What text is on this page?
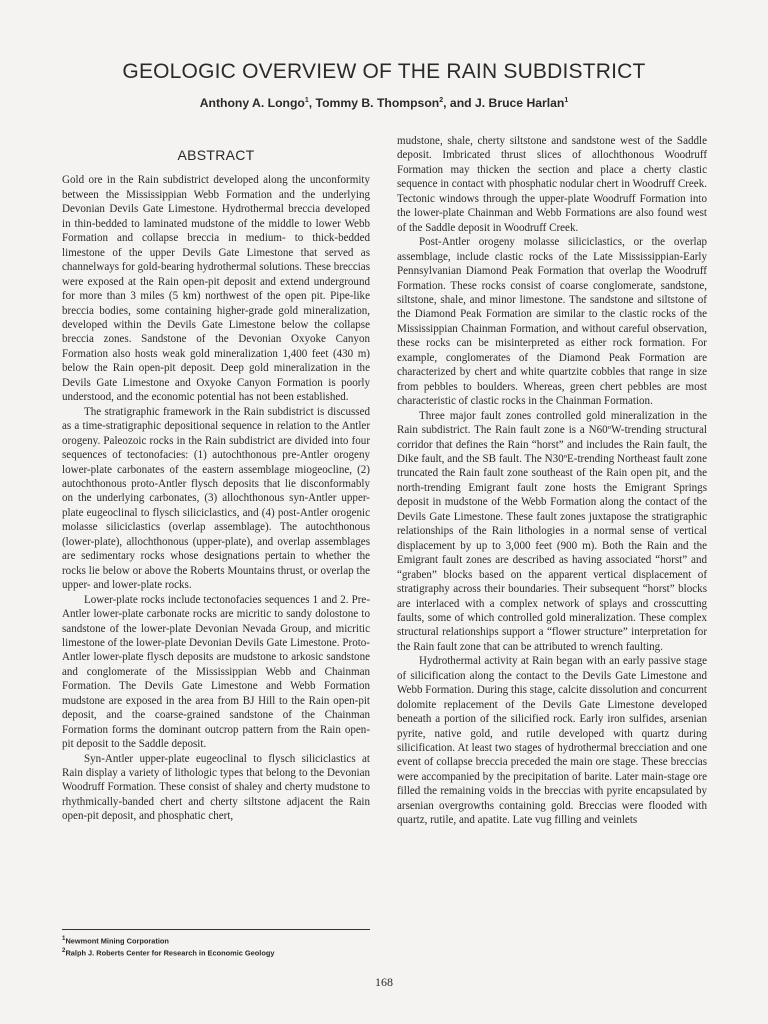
GEOLOGIC OVERVIEW OF THE RAIN SUBDISTRICT
Anthony A. Longo$^1$, Tommy B. Thompson$^2$, and J. Bruce Harlan$^1$
ABSTRACT

Gold ore in the Rain subdistrict developed along the unconformity between the Mississippian Webb Formation and the underlying Devonian Devils Gate Limestone. Hydrothermal breccia developed in thin-bedded to laminated mudstone of the middle to lower Webb Formation and collapse breccia in medium- to thick-bedded limestone of the upper Devils Gate Limestone that served as channelways for gold-bearing hydrothermal solutions. These breccias were exposed at the Rain open-pit deposit and extend underground for more than 3 miles (5 km) northwest of the open pit. Pipe-like breccia bodies, some containing higher-grade gold mineralization, developed within the Devils Gate Limestone below the collapse breccia zones. Sandstone of the Devonian Oxyoke Canyon Formation also hosts weak gold mineralization 1,400 feet (430 m) below the Rain open-pit deposit. Deep gold mineralization in the Devils Gate Limestone and Oxyoke Canyon Formation is poorly understood, and the economic potential has not been established.

The stratigraphic framework in the Rain subdistrict is discussed as a time-stratigraphic depositional sequence in relation to the Antler orogeny. Paleozoic rocks in the Rain subdistrict are divided into four sequences of tectonofacies: (1) autochthonous pre-Antler orogeny lower-plate carbonates of the eastern assemblage miogeocline, (2) autochthonous proto-Antler flysch deposits that lie disconformably on the underlying carbonates, (3) allochthonous syn-Antler upper-plate eugeoclinal to flysch siliciclastics, and (4) post-Antler orogenic molasse siliciclastics (overlap assemblage). The autochthonous (lower-plate), allochthonous (upper-plate), and overlap assemblages are sedimentary rocks whose designations pertain to whether the rocks lie below or above the Roberts Mountains thrust, or overlap the upper- and lower-plate rocks.

Lower-plate rocks include tectonofacies sequences 1 and 2. Pre-Antler lower-plate carbonate rocks are micritic to sandy dolostone to sandstone of the lower-plate Devonian Nevada Group, and micritic limestone of the lower-plate Devonian Devils Gate Limestone. Proto-Antler lower-plate flysch deposits are mudstone to arkosic sandstone and conglomerate of the Mississippian Webb and Chainman Formation. The Devils Gate Limestone and Webb Formation mudstone are exposed in the area from BJ Hill to the Rain open-pit deposit, and the coarse-grained sandstone of the Chainman Formation forms the dominant outcrop pattern from the Rain open-pit deposit to the Saddle deposit.

Syn-Antler upper-plate eugeoclinal to flysch siliciclastics at Rain display a variety of lithologic types that belong to the Devonian Woodruff Formation. These consist of shaley and cherty mudstone to rhythmically-banded chert and cherty siltstone adjacent the Rain open-pit deposit, and phosphatic chert,

mudstone, shale, cherty siltstone and sandstone west of the Saddle deposit. Imbricated thrust slices of allochthonous Woodruff Formation may thicken the section and place a cherty clastic sequence in contact with phosphatic nodular chert in Woodruff Creek. Tectonic windows through the upper-plate Woodruff Formation into the lower-plate Chainman and Webb Formations are also found west of the Saddle deposit in Woodruff Creek.

Post-Antler orogeny molasse siliciclastics, or the overlap assemblage, include clastic rocks of the Late Mississippian-Early Pennsylvanian Diamond Peak Formation that overlap the Woodruff Formation. These rocks consist of coarse conglomerate, sandstone, siltstone, shale, and minor limestone. The sandstone and siltstone of the Diamond Peak Formation are similar to the clastic rocks of the Mississippian Chainman Formation, and without careful observation, these rocks can be misinterpreted as either rock formation. For example, conglomerates of the Diamond Peak Formation are characterized by chert and white quartzite cobbles that range in size from pebbles to boulders. Whereas, green chert pebbles are most characteristic of clastic rocks in the Chainman Formation.

Three major fault zones controlled gold mineralization in the Rain subdistrict. The Rain fault zone is a N60ºW-trending structural corridor that defines the Rain “horst” and includes the Rain fault, the Dike fault, and the SB fault. The N30ºE-trending Northeast fault zone truncated the Rain fault zone southeast of the Rain open pit, and the north-trending Emigrant fault zone hosts the Emigrant Springs deposit in mudstone of the Webb Formation along the contact of the Devils Gate Limestone. These fault zones juxtapose the stratigraphic relationships of the Rain lithologies in a normal sense of vertical displacement by up to 3,000 feet (900 m). Both the Rain and the Emigrant fault zones are described as having associated “horst” and “graben” blocks based on the apparent vertical displacement of stratigraphy across their boundaries. Their subsequent “horst” blocks are interlaced with a complex network of splays and crosscutting faults, some of which controlled gold mineralization. These complex structural relationships support a “flower structure” interpretation for the Rain fault zone that can be attributed to wrench faulting.

Hydrothermal activity at Rain began with an early passive stage of silicification along the contact to the Devils Gate Limestone and Webb Formation. During this stage, calcite dissolution and concurrent dolomite replacement of the Devils Gate Limestone developed beneath a portion of the silicified rock. Early iron sulfides, arsenian pyrite, native gold, and rutile developed with quartz during silicification. At least two stages of hydrothermal brecciation and one event of collapse breccia preceded the main ore stage. These breccias were accompanied by the precipitation of barite. Later main-stage ore filled the remaining voids in the breccias with pyrite encapsulated by arsenian overgrowths containing gold. Breccias were flooded with quartz, rutile, and apatite. Late vug filling and veinlets

$^1$Newmont Mining Corporation
$^2$Ralph J. Roberts Center for Research in Economic Geology
168
